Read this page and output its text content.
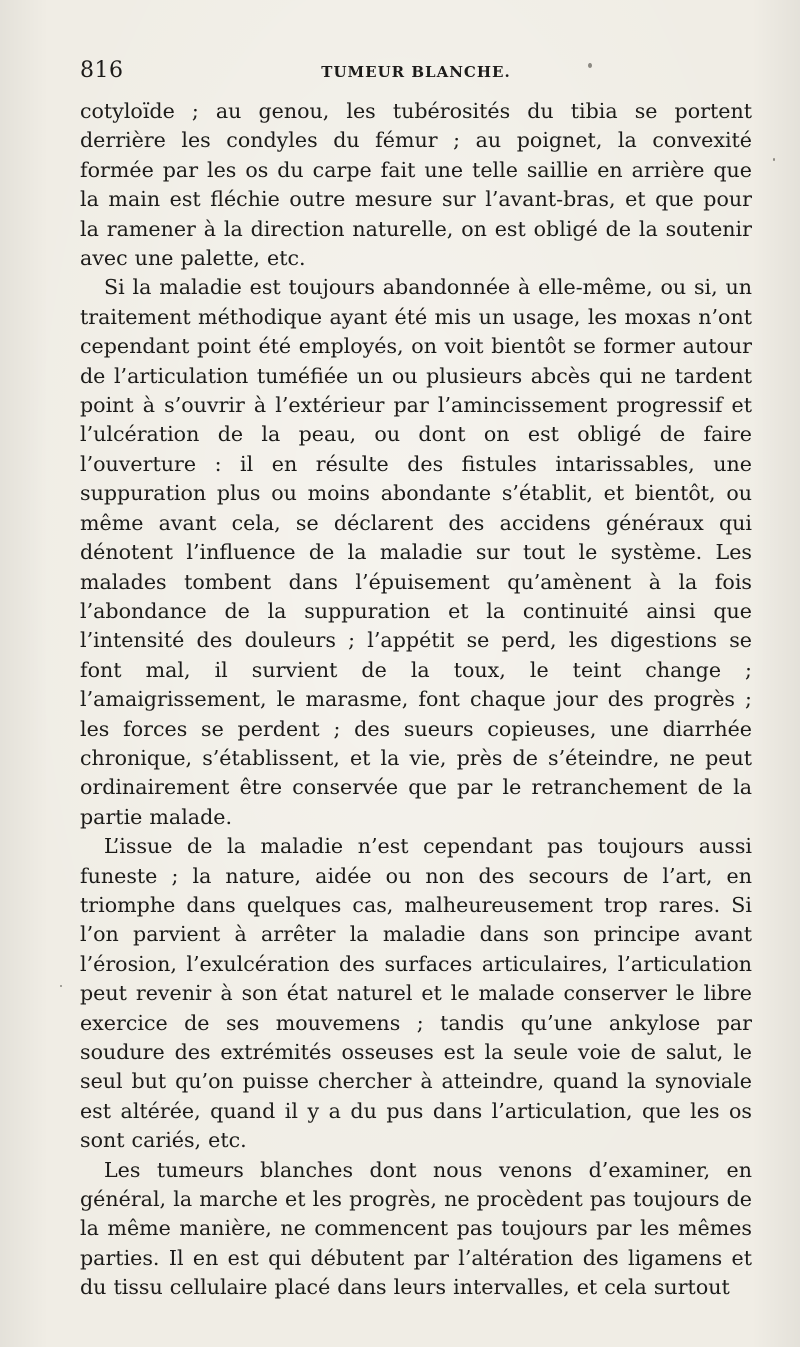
816	TUMEUR BLANCHE.

cotyloïde ; au genou, les tubérosités du tibia se portent derrière les condyles du fémur ; au poignet, la convexité formée par les os du carpe fait une telle saillie en arrière que la main est fléchie outre mesure sur l’avant-bras, et que pour la ramener à la direction naturelle, on est obligé de la soutenir avec une palette, etc.

Si la maladie est toujours abandonnée à elle-même, ou si, un traitement méthodique ayant été mis un usage, les moxas n’ont cependant point été employés, on voit bientôt se former autour de l’articulation tuméfiée un ou plusieurs abcès qui ne tardent point à s’ouvrir à l’extérieur par l’amincissement progressif et l’ulcération de la peau, ou dont on est obligé de faire l’ouverture : il en résulte des fistules intarissables, une suppuration plus ou moins abondante s’établit, et bientôt, ou même avant cela, se déclarent des accidens généraux qui dénotent l’influence de la maladie sur tout le système. Les malades tombent dans l’épuisement qu’amènent à la fois l’abondance de la suppuration et la continuité ainsi que l’intensité des douleurs ; l’appétit se perd, les digestions se font mal, il survient de la toux, le teint change ; l’amaigrissement, le marasme, font chaque jour des progrès ; les forces se perdent ; des sueurs copieuses, une diarrhée chronique, s’établissent, et la vie, près de s’éteindre, ne peut ordinairement être conservée que par le retranchement de la partie malade.

L’issue de la maladie n’est cependant pas toujours aussi funeste ; la nature, aidée ou non des secours de l’art, en triomphe dans quelques cas, malheureusement trop rares. Si l’on parvient à arrêter la maladie dans son principe avant l’érosion, l’exulcération des surfaces articulaires, l’articulation peut revenir à son état naturel et le malade conserver le libre exercice de ses mouvemens ; tandis qu’une ankylose par soudure des extrémités osseuses est la seule voie de salut, le seul but qu’on puisse chercher à atteindre, quand la synoviale est altérée, quand il y a du pus dans l’articulation, que les os sont cariés, etc.

Les tumeurs blanches dont nous venons d’examiner, en général, la marche et les progrès, ne procèdent pas toujours de la même manière, ne commencent pas toujours par les mêmes parties. Il en est qui débutent par l’altération des ligamens et du tissu cellulaire placé dans leurs intervalles, et cela surtout
